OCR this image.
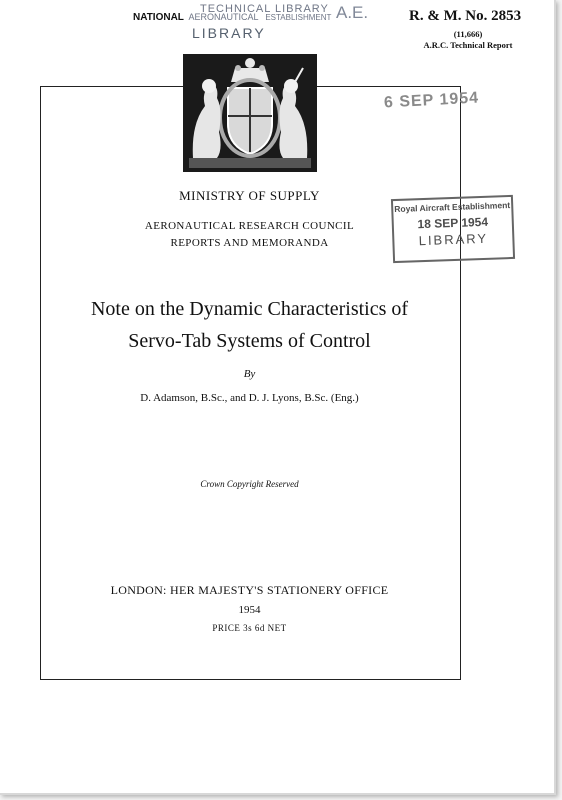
NATIONAL AERONAUTICAL ESTABLISHMENT
TECHNICAL LIBRARY
LIBRARY
A.E.	R. & M. No. 2853
(11,666)
A.R.C. Technical Report
6 SEP 1954
Royal Aircraft Establishment
18 SEP 1954
LIBRARY
MINISTRY OF SUPPLY
AERONAUTICAL RESEARCH COUNCIL
REPORTS AND MEMORANDA
Note on the Dynamic Characteristics of
Servo-Tab Systems of Control
By
D. Adamson, B.Sc., and D. J. Lyons, B.Sc. (Eng.)
Crown Copyright Reserved
LONDON: HER MAJESTY'S STATIONERY OFFICE
1954
PRICE 3s 6d NET
